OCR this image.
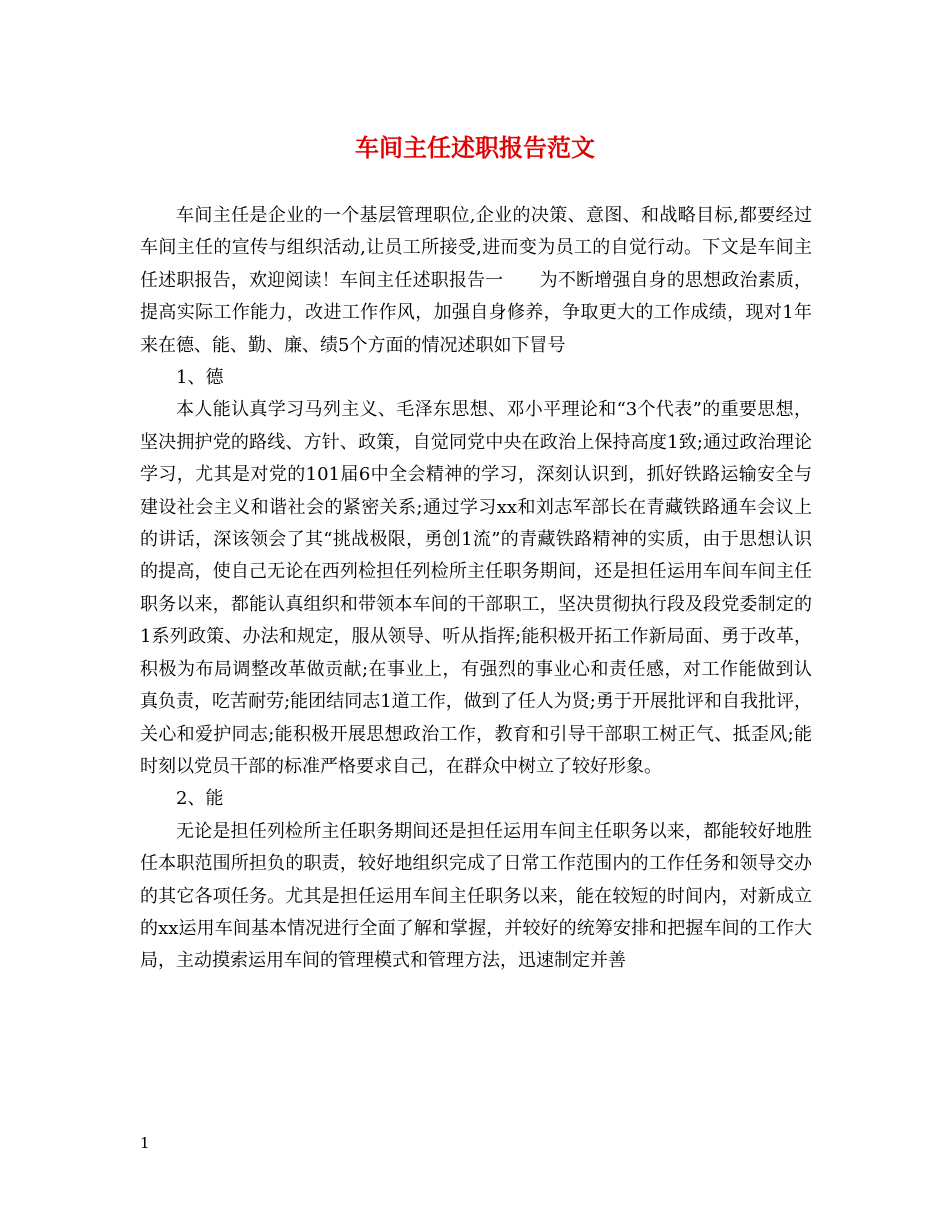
车间主任述职报告范文

车间主任是企业的一个基层管理职位,企业的决策、意图、和战略目标,都要经过车间主任的宣传与组织活动,让员工所接受,进而变为员工的自觉行动。下文是车间主任述职报告，欢迎阅读！车间主任述职报告一　　为不断增强自身的思想政治素质，提高实际工作能力，改进工作作风，加强自身修养，争取更大的工作成绩，现对1年来在德、能、勤、廉、绩5个方面的情况述职如下冒号

1、德

本人能认真学习马列主义、毛泽东思想、邓小平理论和“3个代表”的重要思想，坚决拥护党的路线、方针、政策，自觉同党中央在政治上保持高度1致;通过政治理论学习，尤其是对党的101届6中全会精神的学习，深刻认识到，抓好铁路运输安全与建设社会主义和谐社会的紧密关系;通过学习xx和刘志军部长在青藏铁路通车会议上的讲话，深该领会了其“挑战极限，勇创1流”的青藏铁路精神的实质，由于思想认识的提高，使自己无论在西列检担任列检所主任职务期间，还是担任运用车间车间主任职务以来，都能认真组织和带领本车间的干部职工，坚决贯彻执行段及段党委制定的1系列政策、办法和规定，服从领导、听从指挥;能积极开拓工作新局面、勇于改革，积极为布局调整改革做贡献;在事业上，有强烈的事业心和责任感，对工作能做到认真负责，吃苦耐劳;能团结同志1道工作，做到了任人为贤;勇于开展批评和自我批评，关心和爱护同志;能积极开展思想政治工作，教育和引导干部职工树正气、抵歪风;能时刻以党员干部的标准严格要求自己，在群众中树立了较好形象。

2、能

无论是担任列检所主任职务期间还是担任运用车间主任职务以来，都能较好地胜任本职范围所担负的职责，较好地组织完成了日常工作范围内的工作任务和领导交办的其它各项任务。尤其是担任运用车间主任职务以来，能在较短的时间内，对新成立的xx运用车间基本情况进行全面了解和掌握，并较好的统筹安排和把握车间的工作大局，主动摸索运用车间的管理模式和管理方法，迅速制定并善

1
